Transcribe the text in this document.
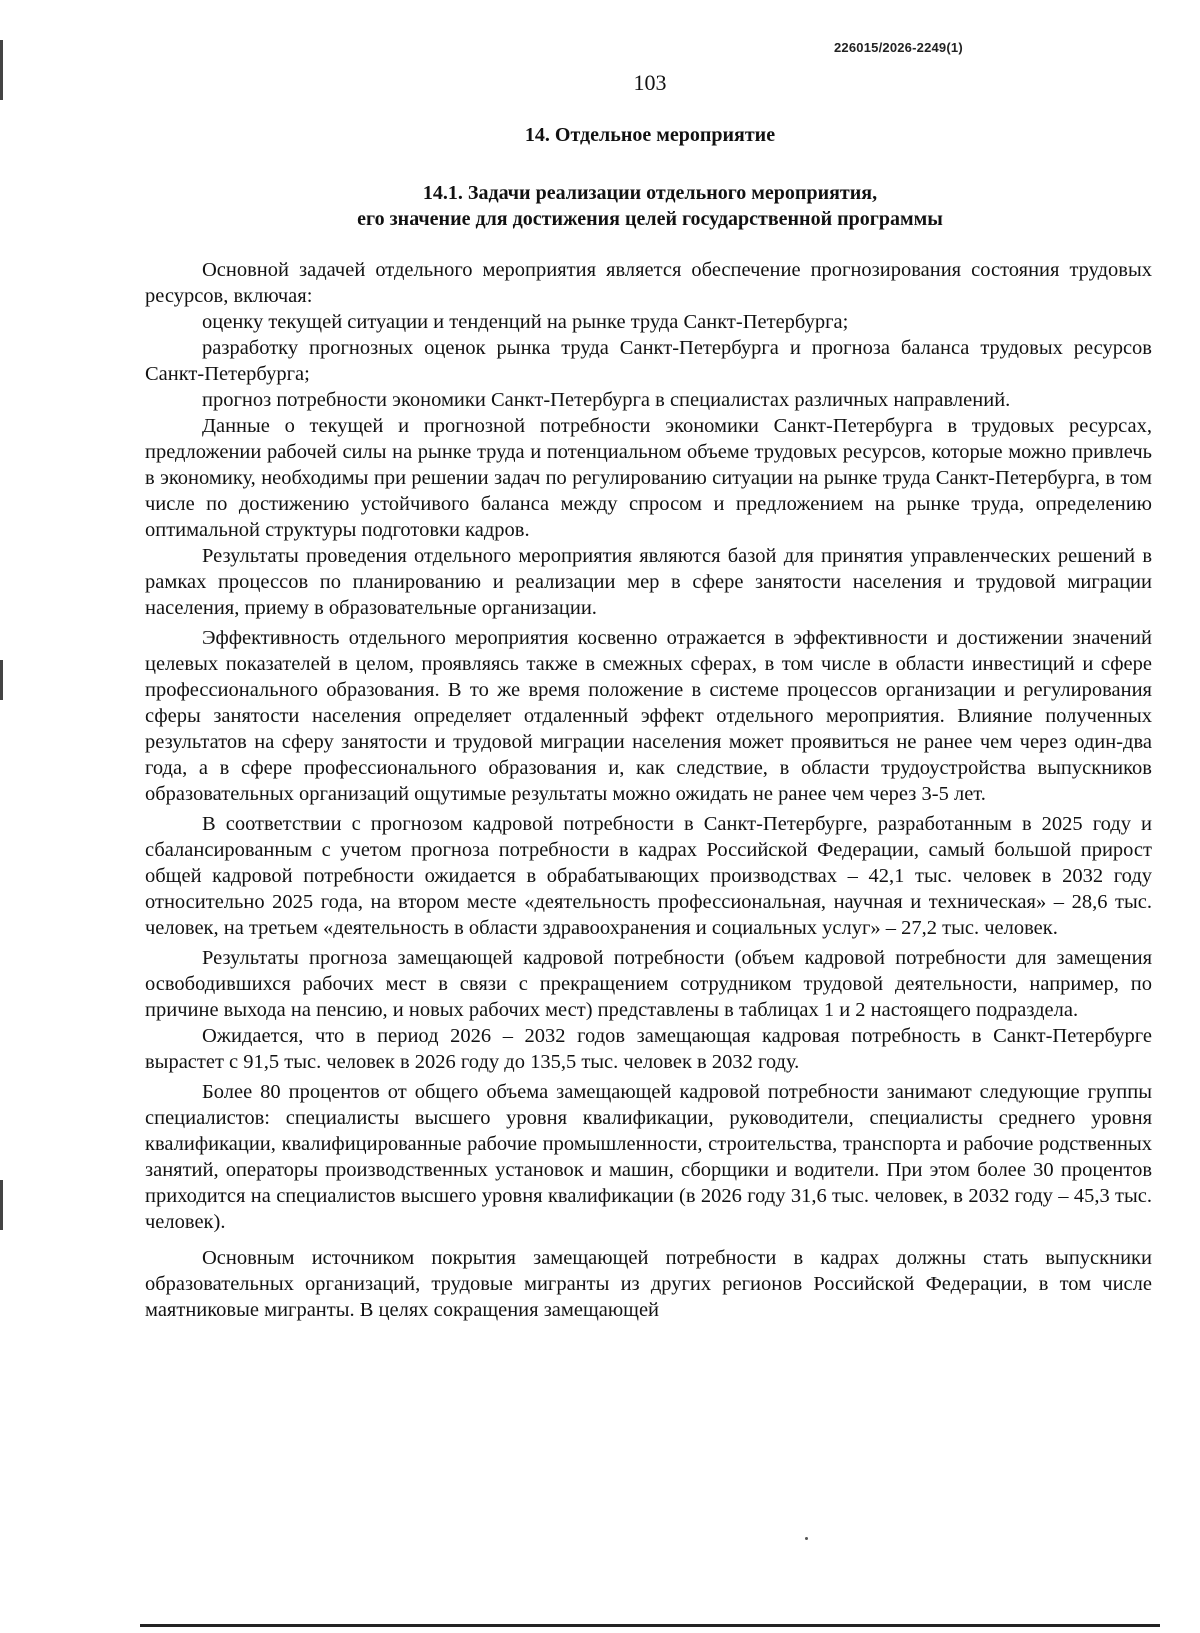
226015/2026-2249(1)
103
14. Отдельное мероприятие
14.1. Задачи реализации отдельного мероприятия,
его значение для достижения целей государственной программы

Основной задачей отдельного мероприятия является обеспечение прогнозирования состояния трудовых ресурсов, включая:

оценку текущей ситуации и тенденций на рынке труда Санкт-Петербурга;

разработку прогнозных оценок рынка труда Санкт-Петербурга и прогноза баланса трудовых ресурсов Санкт-Петербурга;

прогноз потребности экономики Санкт-Петербурга в специалистах различных направлений.

Данные о текущей и прогнозной потребности экономики Санкт-Петербурга в трудовых ресурсах, предложении рабочей силы на рынке труда и потенциальном объеме трудовых ресурсов, которые можно привлечь в экономику, необходимы при решении задач по регулированию ситуации на рынке труда Санкт-Петербурга, в том числе по достижению устойчивого баланса между спросом и предложением на рынке труда, определению оптимальной структуры подготовки кадров.

Результаты проведения отдельного мероприятия являются базой для принятия управленческих решений в рамках процессов по планированию и реализации мер в сфере занятости населения и трудовой миграции населения, приему в образовательные организации.

Эффективность отдельного мероприятия косвенно отражается в эффективности и достижении значений целевых показателей в целом, проявляясь также в смежных сферах, в том числе в области инвестиций и сфере профессионального образования. В то же время положение в системе процессов организации и регулирования сферы занятости населения определяет отдаленный эффект отдельного мероприятия. Влияние полученных результатов на сферу занятости и трудовой миграции населения может проявиться не ранее чем через один-два года, а в сфере профессионального образования и, как следствие, в области трудоустройства выпускников образовательных организаций ощутимые результаты можно ожидать не ранее чем через 3-5 лет.

В соответствии с прогнозом кадровой потребности в Санкт-Петербурге, разработанным в 2025 году и сбалансированным с учетом прогноза потребности в кадрах Российской Федерации, самый большой прирост общей кадровой потребности ожидается в обрабатывающих производствах – 42,1 тыс. человек в 2032 году относительно 2025 года, на втором месте «деятельность профессиональная, научная и техническая» – 28,6 тыс. человек, на третьем «деятельность в области здравоохранения и социальных услуг» – 27,2 тыс. человек.

Результаты прогноза замещающей кадровой потребности (объем кадровой потребности для замещения освободившихся рабочих мест в связи с прекращением сотрудником трудовой деятельности, например, по причине выхода на пенсию, и новых рабочих мест) представлены в таблицах 1 и 2 настоящего подраздела.

Ожидается, что в период 2026 – 2032 годов замещающая кадровая потребность в Санкт-Петербурге вырастет с 91,5 тыс. человек в 2026 году до 135,5 тыс. человек в 2032 году.

Более 80 процентов от общего объема замещающей кадровой потребности занимают следующие группы специалистов: специалисты высшего уровня квалификации, руководители, специалисты среднего уровня квалификации, квалифицированные рабочие промышленности, строительства, транспорта и рабочие родственных занятий, операторы производственных установок и машин, сборщики и водители. При этом более 30 процентов приходится на специалистов высшего уровня квалификации (в 2026 году 31,6 тыс. человек, в 2032 году – 45,3 тыс. человек).

Основным источником покрытия замещающей потребности в кадрах должны стать выпускники образовательных организаций, трудовые мигранты из других регионов Российской Федерации, в том числе маятниковые мигранты. В целях сокращения замещающей
